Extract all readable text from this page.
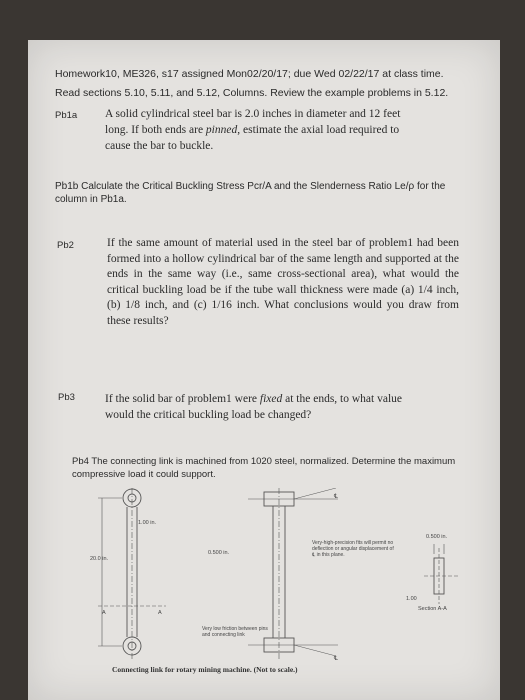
Homework10, ME326, s17 assigned Mon02/20/17; due Wed 02/22/17 at class time.
Read sections 5.10, 5.11, and 5.12, Columns. Review the example problems in 5.12.
Pb1a A solid cylindrical steel bar is 2.0 inches in diameter and 12 feet long. If both ends are pinned, estimate the axial load required to cause the bar to buckle.
Pb1b Calculate the Critical Buckling Stress Pcr/A and the Slenderness Ratio Le/ρ for the column in Pb1a.
Pb2	If the same amount of material used in the steel bar of problem1 had been formed into a hollow cylindrical bar of the same length and supported at the ends in the same way (i.e., same cross-sectional area), what would the critical buckling load be if the tube wall thickness were made (a) 1/4 inch, (b) 1/8 inch, and (c) 1/16 inch. What conclusions would you draw from these results?
Pb3	If the solid bar of problem1 were fixed at the ends, to what value would the critical buckling load be changed?
Pb4 The connecting link is machined from 1020 steel, normalized. Determine the maximum compressive load it could support.
1.00 in.
20.0 in.
0.500 in.
0.500 in.
1.00
A	A
℄
℄
Section A-A
Very-high-precision fits will permit no deflection or angular displacement of ℄ in this plane.
Very low friction between pins and connecting link
Connecting link for rotary mining machine. (Not to scale.)
